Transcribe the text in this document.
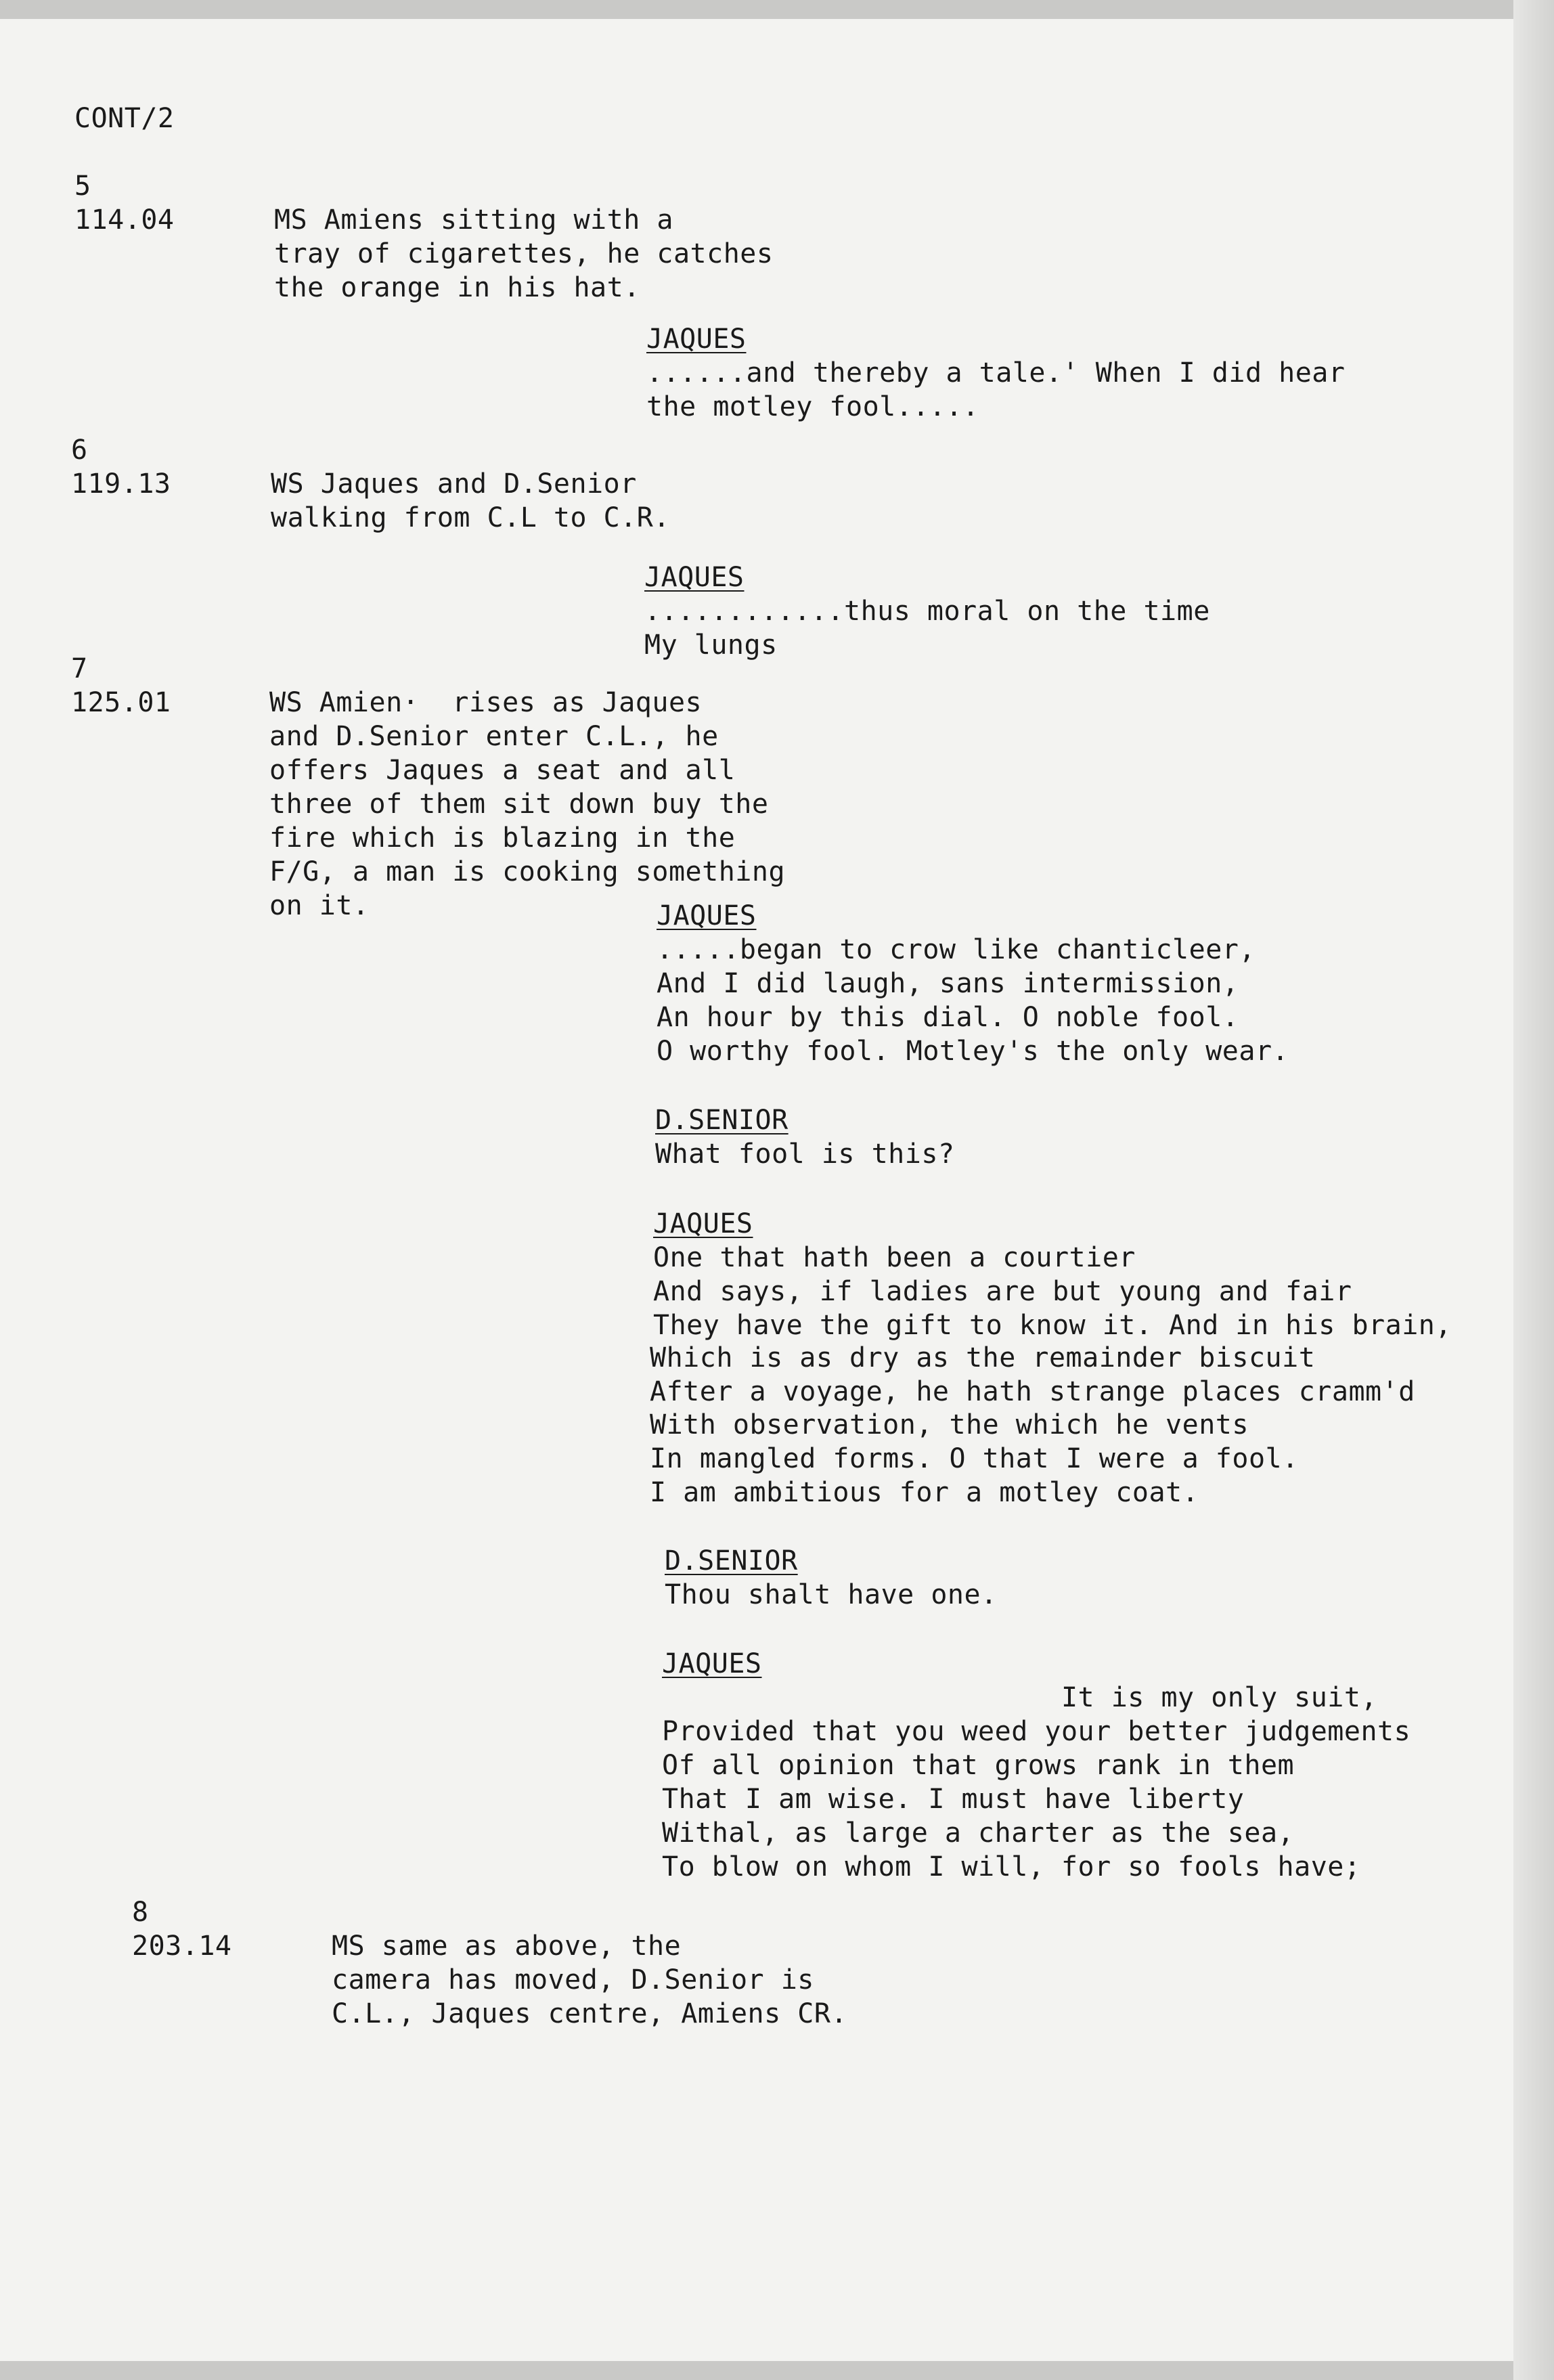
CONT/2
5
114.04	MS Amiens sitting with a
tray of cigarettes, he catches
the orange in his hat.
JAQUES
......and thereby a tale.' When I did hear
the motley fool.....
6
119.13	WS Jaques and D.Senior
walking from C.L to C.R.
JAQUES
............thus moral on the time
My lungs
7
125.01	WS Amien·  rises as Jaques
and D.Senior enter C.L., he
offers Jaques a seat and all
three of them sit down buy the
fire which is blazing in the
F/G, a man is cooking something
on it.	JAQUES
.....began to crow like chanticleer,
And I did laugh, sans intermission,
An hour by this dial. O noble fool.
O worthy fool. Motley's the only wear.
D.SENIOR
What fool is this?
JAQUES
One that hath been a courtier
And says, if ladies are but young and fair
They have the gift to know it. And in his brain,
Which is as dry as the remainder biscuit
After a voyage, he hath strange places cramm'd
With observation, the which he vents
In mangled forms. O that I were a fool.
I am ambitious for a motley coat.
D.SENIOR
Thou shalt have one.
JAQUES
It is my only suit,
Provided that you weed your better judgements
Of all opinion that grows rank in them
That I am wise. I must have liberty
Withal, as large a charter as the sea,
To blow on whom I will, for so fools have;
8
203.14	MS same as above, the
camera has moved, D.Senior is
C.L., Jaques centre, Amiens CR.
